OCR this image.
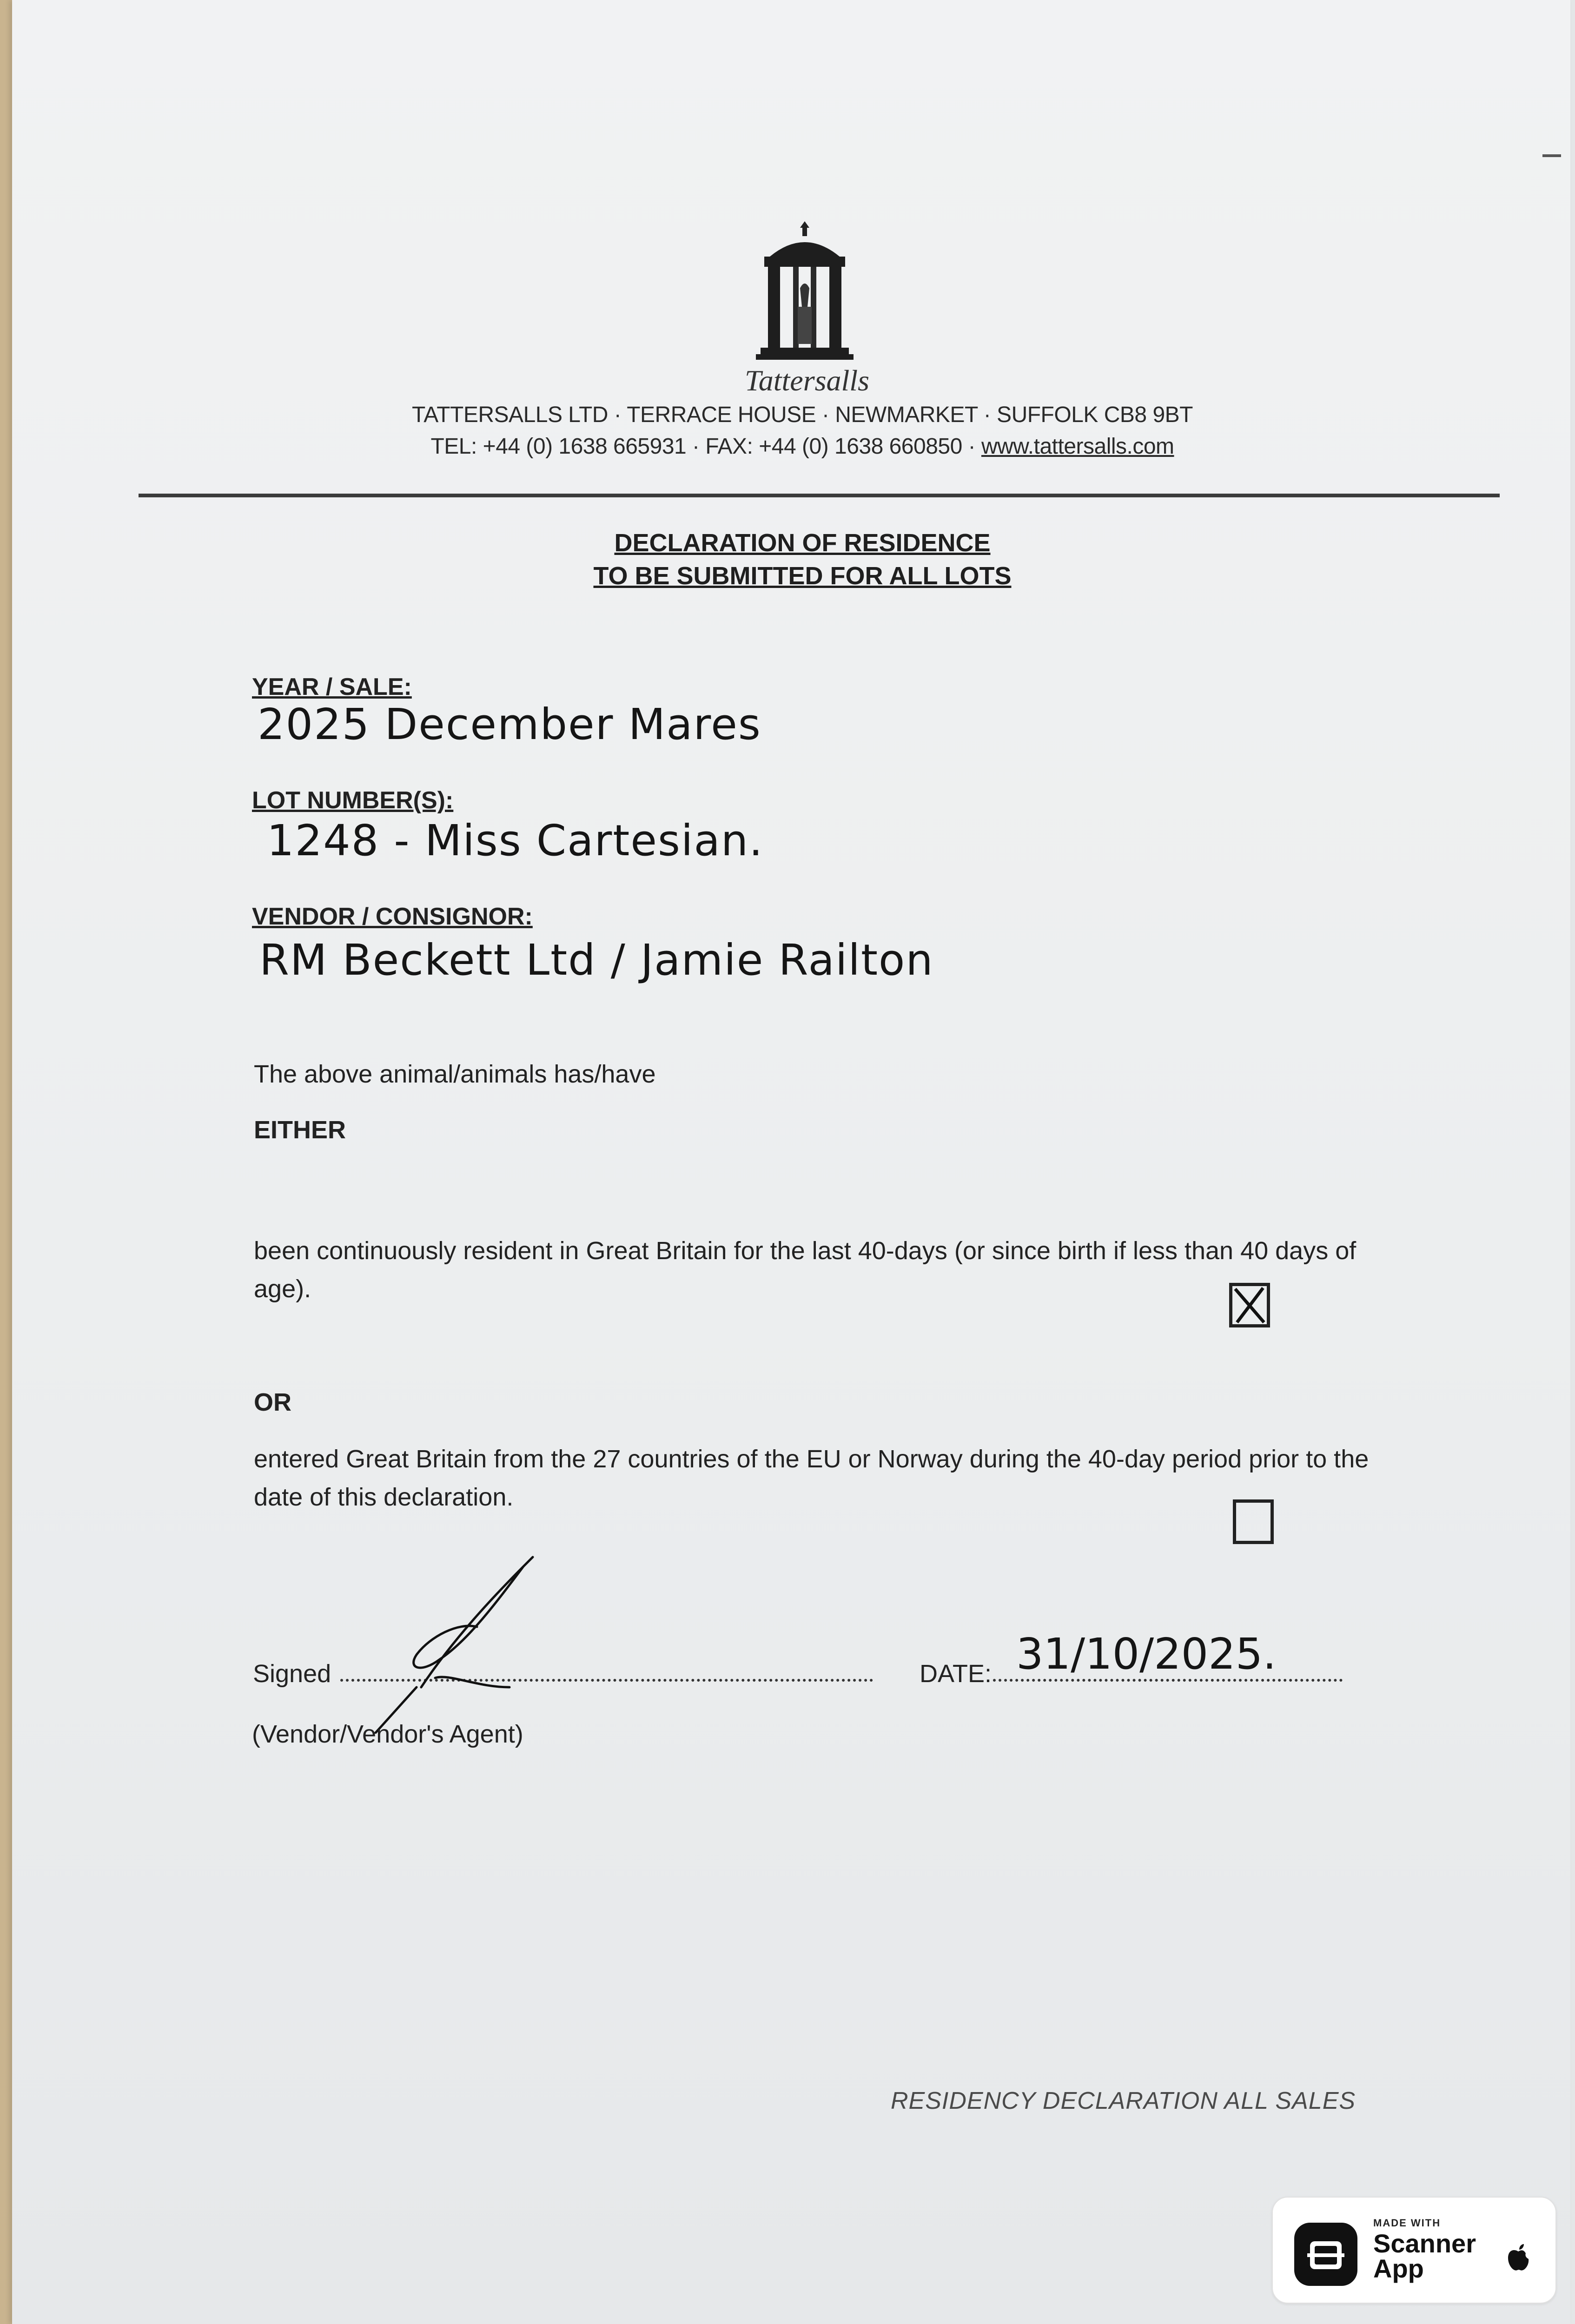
Tattersalls
TATTERSALLS LTD · TERRACE HOUSE · NEWMARKET · SUFFOLK CB8 9BT
TEL: +44 (0) 1638 665931 · FAX: +44 (0) 1638 660850 · www.tattersalls.com
DECLARATION OF RESIDENCE
TO BE SUBMITTED FOR ALL LOTS
YEAR / SALE:
2025 December Mares
LOT NUMBER(S):
1248 - Miss Cartesian.
VENDOR / CONSIGNOR:
RM Beckett Ltd / Jamie Railton
The above animal/animals has/have
EITHER
been continuously resident in Great Britain for the last 40-days (or since birth if less than 40 days of age).
OR
entered Great Britain from the 27 countries of the EU or Norway during the 40-day period prior to the date of this declaration.
Signed	DATE: 31/10/2025.
(Vendor/Vendor's Agent)
RESIDENCY DECLARATION ALL SALES
MADE WITH
Scanner App
